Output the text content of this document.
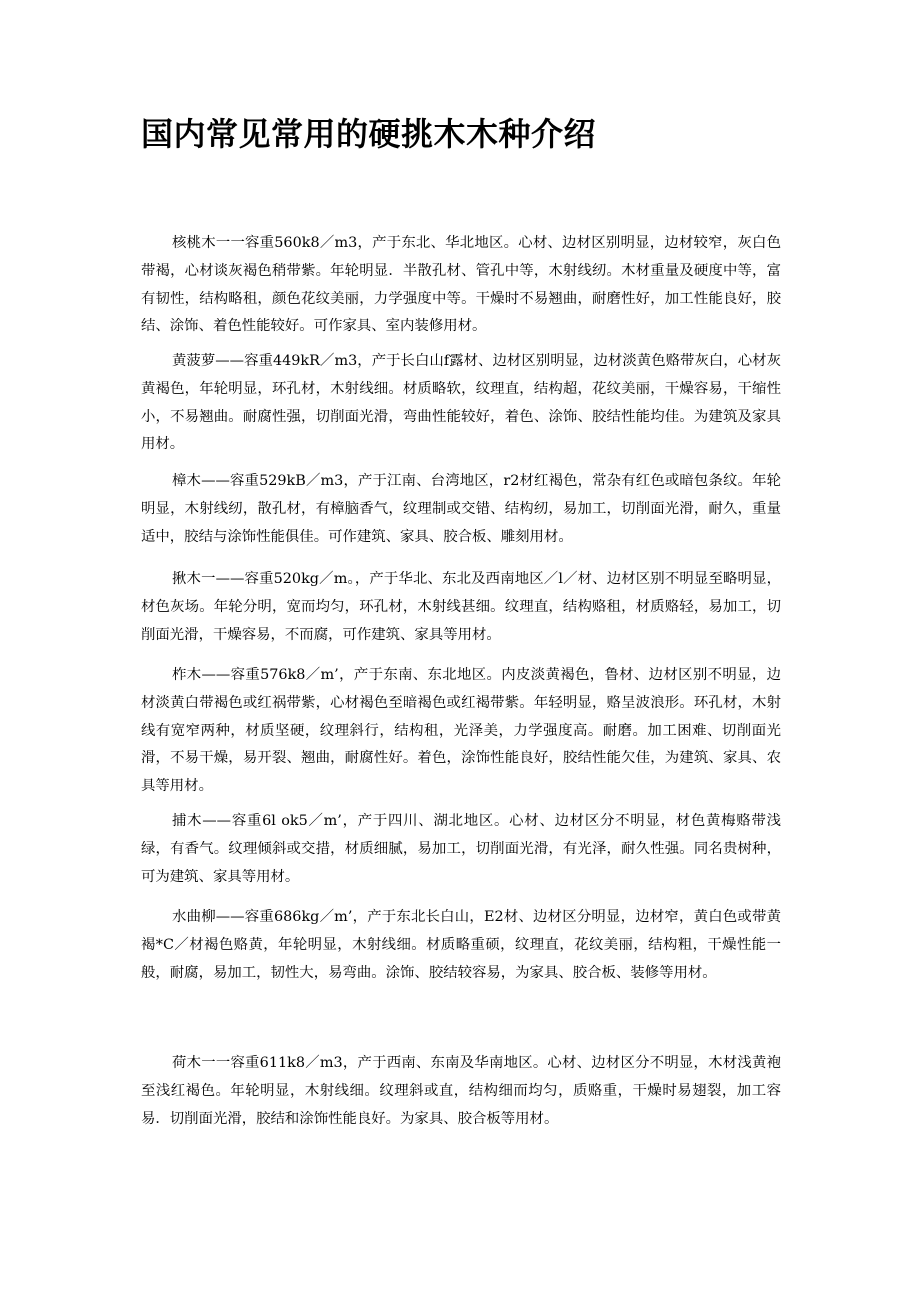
国内常见常用的硬挑木木种介绍

核桃木一一容重560k8／m3，产于东北、华北地区。心材、边材区别明显，边材较窄，灰白色带褐，心材谈灰褐色稍带紫。年轮明显．半散孔材、管孔中等，木射线纫。木材重量及硬度中等，富有韧性，结构略租，颜色花纹美丽，力学强度中等。干燥时不易翘曲，耐磨性好，加工性能良好，胶结、涂饰、着色性能较好。可作家具、室内装修用材。

黄菠萝——容重449kR／m3，产于长白山f露材、边材区别明显，边材淡黄色赂带灰白，心材灰黄褐色，年轮明显，环孔材，木射线细。材质略软，纹理直，结构超，花纹美丽，干燥容易，干缩性小，不易翘曲。耐腐性强，切削面光滑，弯曲性能较好，着色、涂饰、胶结性能均佳。为建筑及家具用材。

樟木——容重529kB／m3，产于江南、台湾地区，r2材红褐色，常杂有红色或暗包条纹。年轮明显，木射线纫，散孔材，有樟脑香气，纹理制或交错、结构纫，易加工，切削面光滑，耐久，重量适中，胶结与涂饰性能俱佳。可作建筑、家具、胶合板、雕刻用材。

揪木一——容重520kg／m。，产于华北、东北及西南地区／l／材、边材区别不明显至略明显，材色灰场。年轮分明，宽而均匀，环孔材，木射线甚细。纹理直，结构赂租，材质赂轻，易加工，切削面光滑，干燥容易，不而腐，可作建筑、家具等用材。

柞木——容重576k8／m’，产于东南、东北地区。内皮淡黄褐色，鲁材、边材区别不明显，边材淡黄白带褐色或红祸带紫，心材褐色至暗褐色或红褐带紫。年轻明显，赂呈波浪形。环孔材，木射线有宽窄两种，材质坚硬，纹理斜行，结构租，光泽美，力学强度高。耐磨。加工困难、切削面光滑，不易干燥，易开裂、翘曲，耐腐性好。着色，涂饰性能良好，胶结性能欠佳，为建筑、家具、农具等用材。

捕木——容重6l ok5／m’，产于四川、湖北地区。心材、边材区分不明显，材色黄梅赂带浅绿，有香气。纹理倾斜或交措，材质细腻，易加工，切削面光滑，有光泽，耐久性强。同名贵树种，可为建筑、家具等用材。

水曲柳——容重686kg／m’，产于东北长白山，E2材、边材区分明显，边材窄，黄白色或带黄褐*C／材褐色赂黄，年轮明显，木射线细。材质略重硕，纹理直，花纹美丽，结构粗，干燥性能一般，耐腐，易加工，韧性大，易弯曲。涂饰、胶结较容易，为家具、胶合板、装修等用材。

荷木一一容重611k8／m3，产于西南、东南及华南地区。心材、边材区分不明显，木材浅黄袍至浅红褐色。年轮明显，木射线细。纹理斜或直，结构细而均匀，质赂重，干燥时易翅裂，加工容易．切削面光滑，胶结和涂饰性能良好。为家具、胶合板等用材。
